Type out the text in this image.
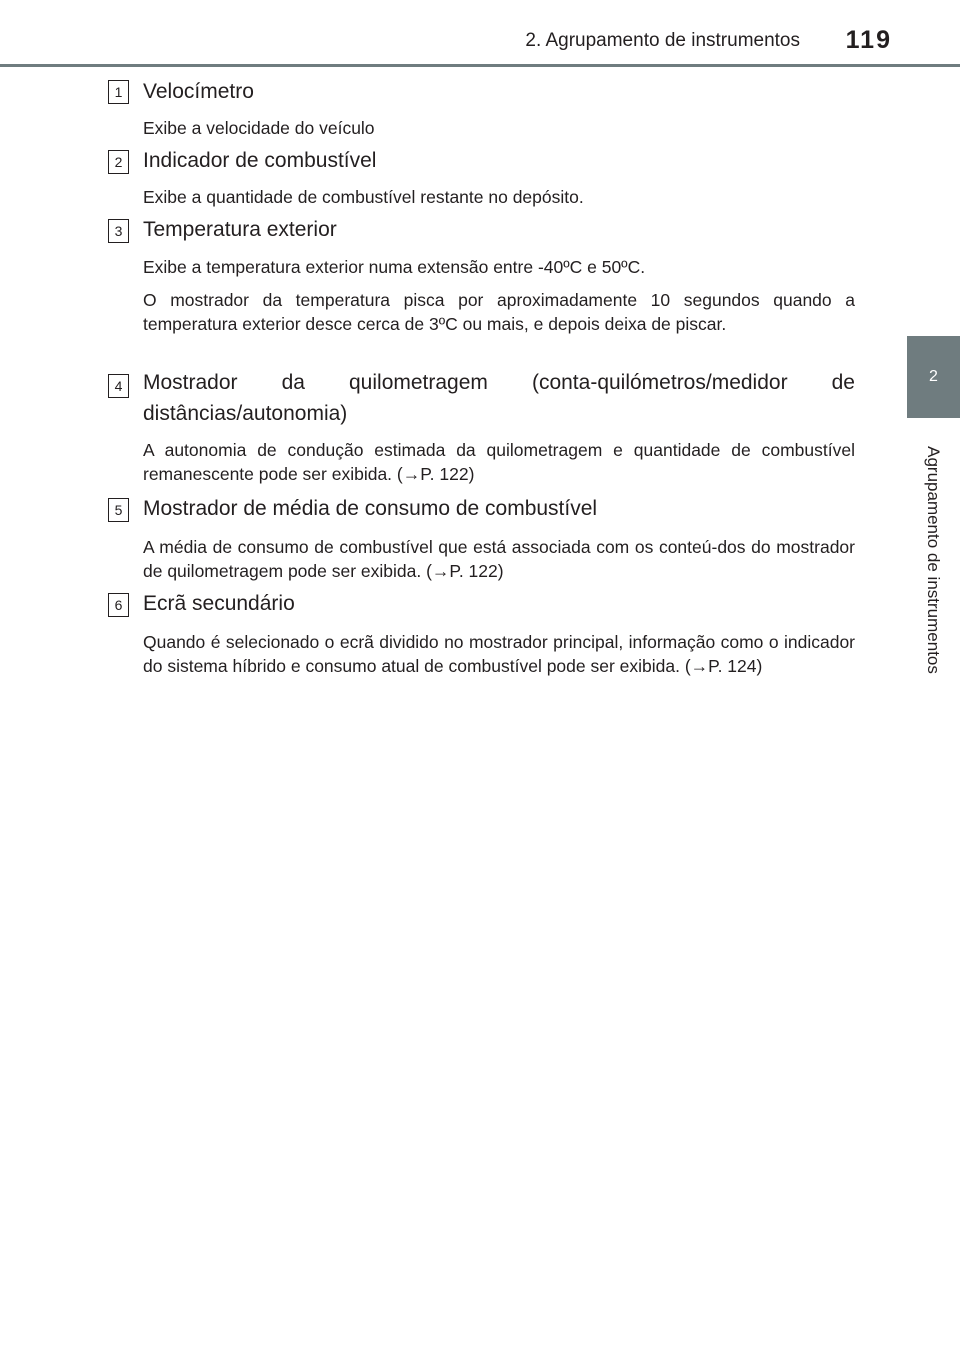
2. Agrupamento de instrumentos	119
2
Agrupamento de instrumentos
1 Velocímetro

Exibe a velocidade do veículo

2 Indicador de combustível

Exibe a quantidade de combustível restante no depósito.

3 Temperatura exterior

Exibe a temperatura exterior numa extensão entre -40ºC e 50ºC.

O mostrador da temperatura pisca por aproximadamente 10 segundos quando a temperatura exterior desce cerca de 3ºC ou mais, e depois deixa de piscar.

4 Mostrador da quilometragem (conta-quilómetros/medidor de
distâncias/autonomia)

A autonomia de condução estimada da quilometragem e quantidade de combustível remanescente pode ser exibida. (→P. 122)

5 Mostrador de média de consumo de combustível

A média de consumo de combustível que está associada com os conteú-dos do mostrador de quilometragem pode ser exibida. (→P. 122)

6 Ecrã secundário

Quando é selecionado o ecrã dividido no mostrador principal, informação como o indicador do sistema híbrido e consumo atual de combustível pode ser exibida. (→P. 124)
